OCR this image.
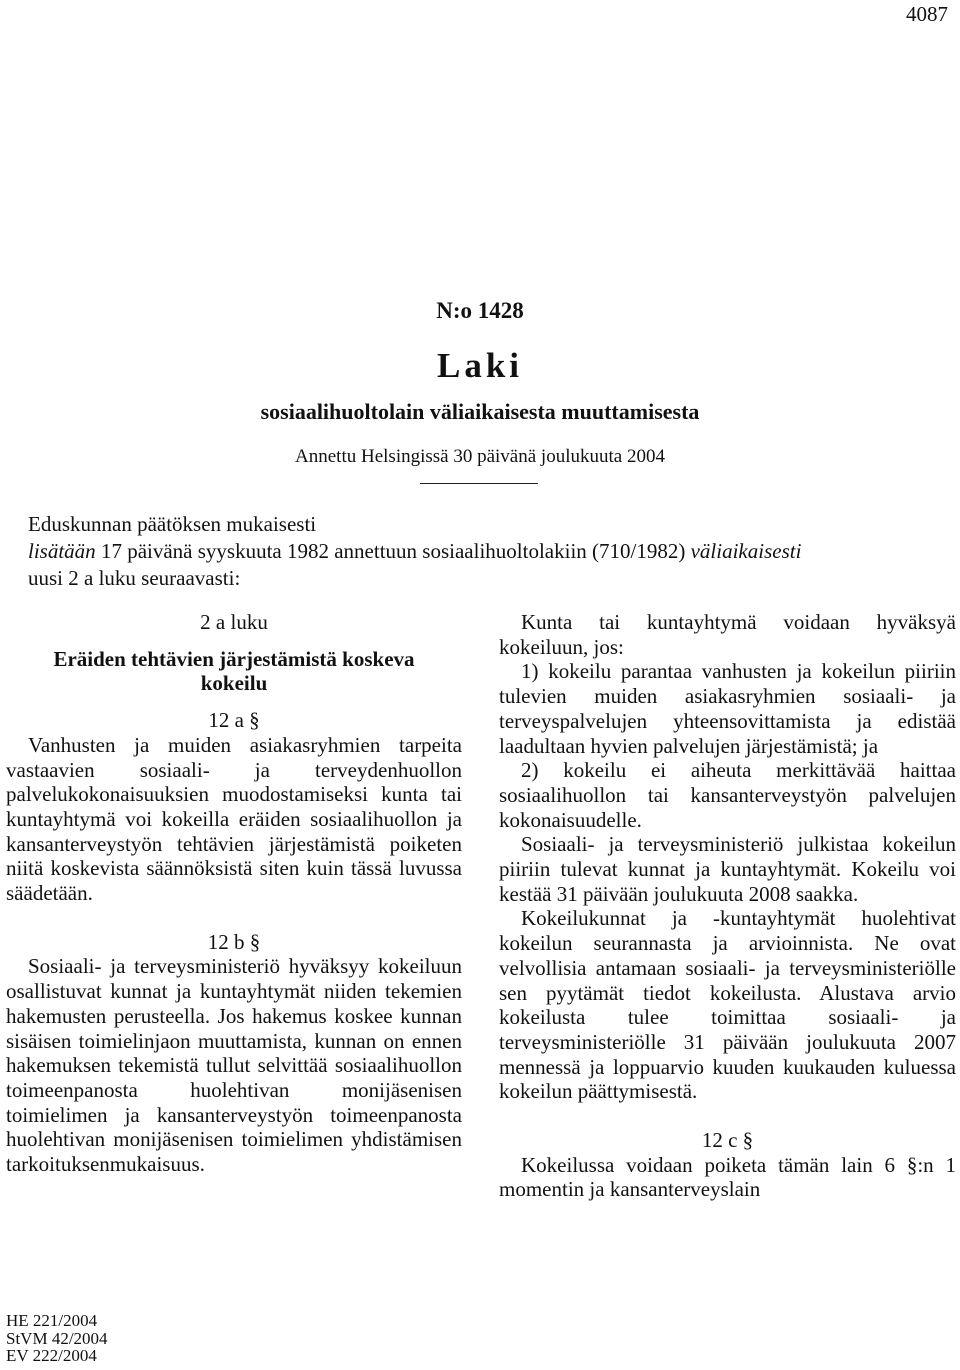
4087
N:o 1428
Laki
sosiaalihuoltolain väliaikaisesta muuttamisesta
Annettu Helsingissä 30 päivänä joulukuuta 2004
Eduskunnan päätöksen mukaisesti
lisätään 17 päivänä syyskuuta 1982 annettuun sosiaalihuoltolakiin (710/1982) väliaikaisesti
uusi 2 a luku seuraavasti:
2 a luku
Eräiden tehtävien järjestämistä koskeva kokeilu
12 a §
Vanhusten ja muiden asiakasryhmien tarpeita vastaavien sosiaali- ja terveydenhuollon palvelukokonaisuuksien muodostamiseksi kunta tai kuntayhtymä voi kokeilla eräiden sosiaalihuollon ja kansanterveystyön tehtävien järjestämistä poiketen niitä koskevista säännöksistä siten kuin tässä luvussa säädetään.
12 b §
Sosiaali- ja terveysministeriö hyväksyy kokeiluun osallistuvat kunnat ja kuntayhtymät niiden tekemien hakemusten perusteella. Jos hakemus koskee kunnan sisäisen toimielinjaon muuttamista, kunnan on ennen hakemuksen tekemistä tullut selvittää sosiaalihuollon toimeenpanosta huolehtivan monijäsenisen toimielimen ja kansanterveystyön toimeenpanosta huolehtivan monijäsenisen toimielimen yhdistämisen tarkoituksenmukaisuus.
Kunta tai kuntayhtymä voidaan hyväksyä kokeiluun, jos:
1) kokeilu parantaa vanhusten ja kokeilun piiriin tulevien muiden asiakasryhmien sosiaali- ja terveyspalvelujen yhteensovittamista ja edistää laadultaan hyvien palvelujen järjestämistä; ja
2) kokeilu ei aiheuta merkittävää haittaa sosiaalihuollon tai kansanterveystyön palvelujen kokonaisuudelle.
Sosiaali- ja terveysministeriö julkistaa kokeilun piiriin tulevat kunnat ja kuntayhtymät. Kokeilu voi kestää 31 päivään joulukuuta 2008 saakka.
Kokeilukunnat ja -kuntayhtymät huolehtivat kokeilun seurannasta ja arvioinnista. Ne ovat velvollisia antamaan sosiaali- ja terveysministeriölle sen pyytämät tiedot kokeilusta. Alustava arvio kokeilusta tulee toimittaa sosiaali- ja terveysministeriölle 31 päivään joulukuuta 2007 mennessä ja loppuarvio kuuden kuukauden kuluessa kokeilun päättymisestä.
12 c §
Kokeilussa voidaan poiketa tämän lain 6 §:n 1 momentin ja kansanterveyslain
HE 221/2004
StVM 42/2004
EV 222/2004
